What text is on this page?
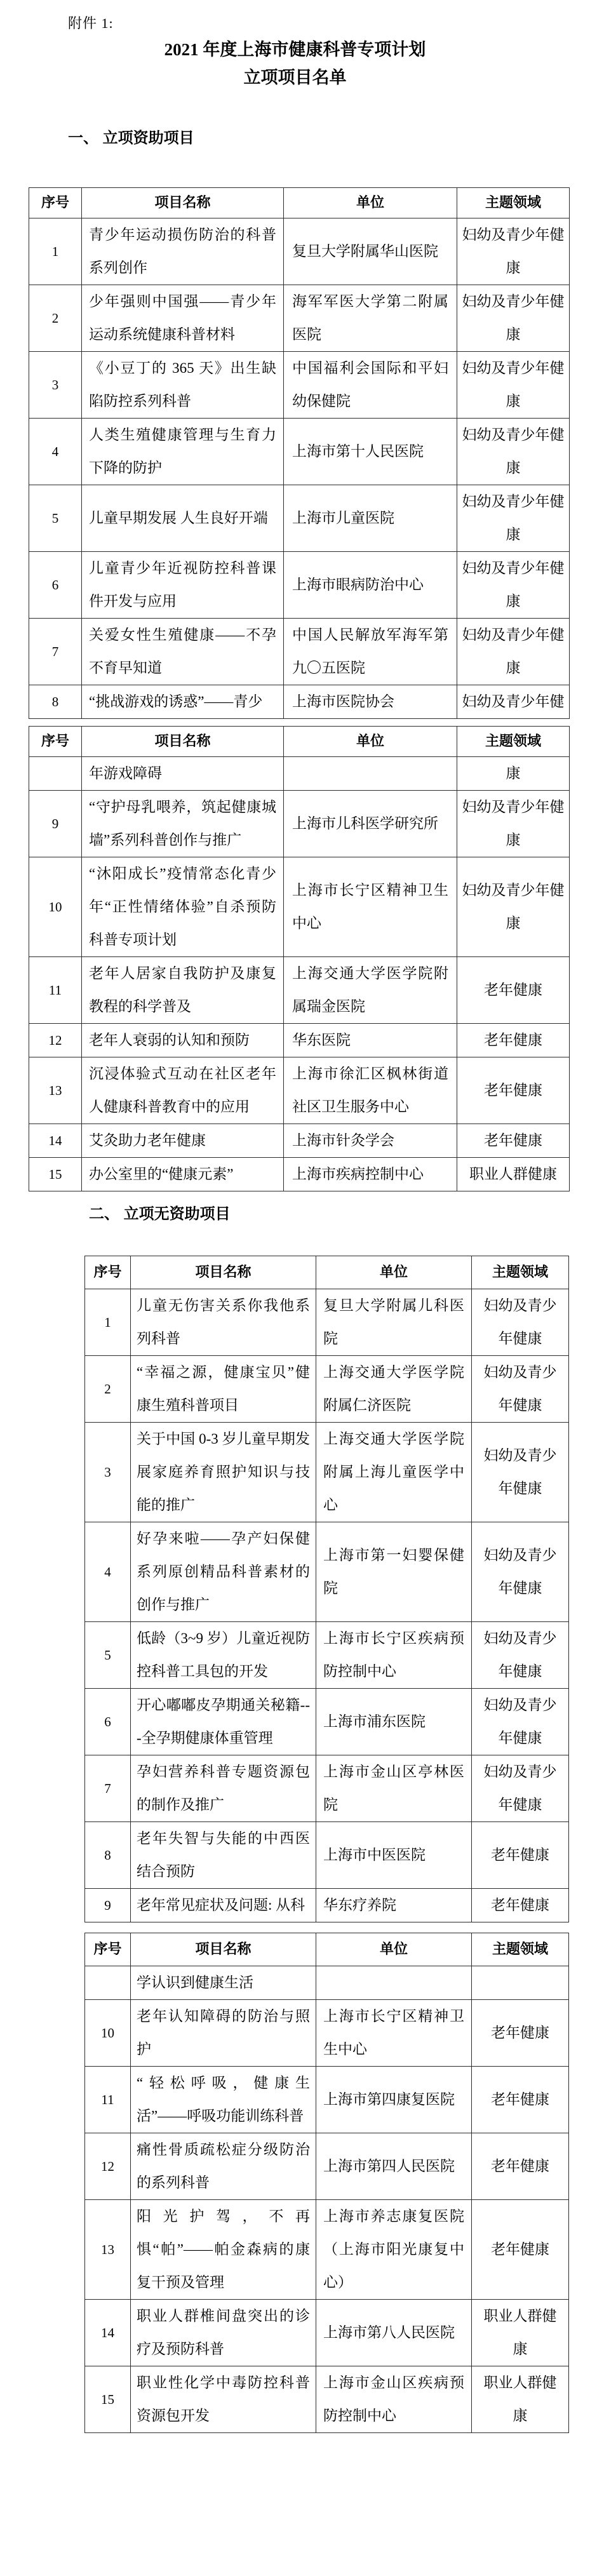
附件 1:
2021 年度上海市健康科普专项计划
立项项目名单
一、 立项资助项目
序号	项目名称	单位	主题领域
1	青少年运动损伤防治的科普系列创作	复旦大学附属华山医院	妇幼及青少年健康
2	少年强则中国强——青少年运动系统健康科普材料	海军军医大学第二附属医院	妇幼及青少年健康
3	《小豆丁的 365 天》出生缺陷防控系列科普	中国福利会国际和平妇幼保健院	妇幼及青少年健康
4	人类生殖健康管理与生育力下降的防护	上海市第十人民医院	妇幼及青少年健康
5	儿童早期发展 人生良好开端	上海市儿童医院	妇幼及青少年健康
6	儿童青少年近视防控科普课件开发与应用	上海市眼病防治中心	妇幼及青少年健康
7	关爱女性生殖健康——不孕不育早知道	中国人民解放军海军第九〇五医院	妇幼及青少年健康
8	“挑战游戏的诱惑”——青少	上海市医院协会	妇幼及青少年健
序号	项目名称	单位	主题领域
	年游戏障碍		康
9	“守护母乳喂养，筑起健康城墙”系列科普创作与推广	上海市儿科医学研究所	妇幼及青少年健康
10	“沐阳成长”疫情常态化青少年“正性情绪体验”自杀预防科普专项计划	上海市长宁区精神卫生中心	妇幼及青少年健康
11	老年人居家自我防护及康复教程的科学普及	上海交通大学医学院附属瑞金医院	老年健康
12	老年人衰弱的认知和预防	华东医院	老年健康
13	沉浸体验式互动在社区老年人健康科普教育中的应用	上海市徐汇区枫林街道社区卫生服务中心	老年健康
14	艾灸助力老年健康	上海市针灸学会	老年健康
15	办公室里的“健康元素”	上海市疾病控制中心	职业人群健康
二、 立项无资助项目
序号	项目名称	单位	主题领域
1	儿童无伤害关系你我他系列科普	复旦大学附属儿科医院	妇幼及青少年健康
2	“幸福之源，健康宝贝”健康生殖科普项目	上海交通大学医学院附属仁济医院	妇幼及青少年健康
3	关于中国 0-3 岁儿童早期发展家庭养育照护知识与技能的推广	上海交通大学医学院附属上海儿童医学中心	妇幼及青少年健康
4	好孕来啦——孕产妇保健系列原创精品科普素材的创作与推广	上海市第一妇婴保健院	妇幼及青少年健康
5	低龄（3~9 岁）儿童近视防控科普工具包的开发	上海市长宁区疾病预防控制中心	妇幼及青少年健康
6	开心嘟嘟皮孕期通关秘籍---全孕期健康体重管理	上海市浦东医院	妇幼及青少年健康
7	孕妇营养科普专题资源包的制作及推广	上海市金山区亭林医院	妇幼及青少年健康
8	老年失智与失能的中西医结合预防	上海市中医医院	老年健康
9	老年常见症状及问题: 从科	华东疗养院	老年健康
序号	项目名称	单位	主题领域
	学认识到健康生活		
10	老年认知障碍的防治与照护	上海市长宁区精神卫生中心	老年健康
11	“轻松呼吸，健康生活”——呼吸功能训练科普	上海市第四康复医院	老年健康
12	痛性骨质疏松症分级防治的系列科普	上海市第四人民医院	老年健康
13	阳光护驾，不再惧“帕”——帕金森病的康复干预及管理	上海市养志康复医院（上海市阳光康复中心）	老年健康
14	职业人群椎间盘突出的诊疗及预防科普	上海市第八人民医院	职业人群健康
15	职业性化学中毒防控科普资源包开发	上海市金山区疾病预防控制中心	职业人群健康
